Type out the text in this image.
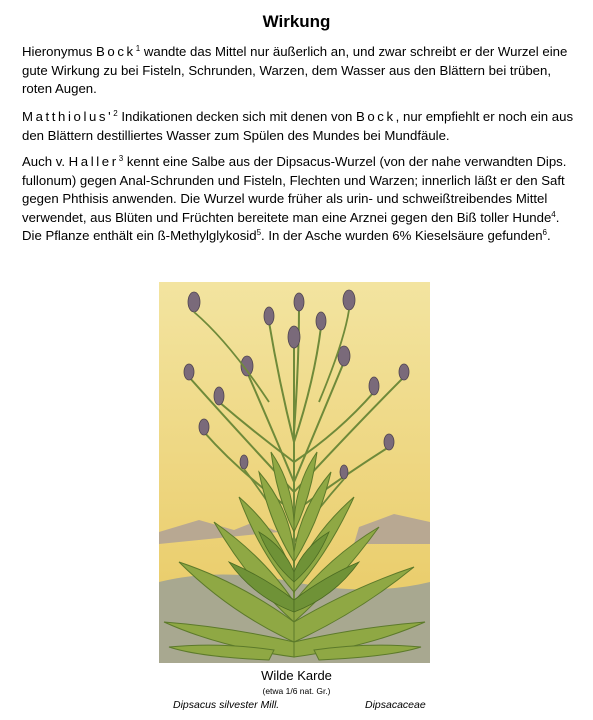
Wirkung

Hieronymus Bock$^1$ wandte das Mittel nur äußerlich an, und zwar schreibt er der Wurzel eine gute Wirkung zu bei Fisteln, Schrunden, Warzen, dem Wasser aus den Blättern bei trüben, roten Augen.

$Matthiolus'^2$ Indikationen decken sich mit denen von Bock, nur empfiehlt er noch ein aus den Blättern destilliertes Wasser zum Spülen des Mundes bei Mundfäule.

Auch v. Haller$^3$ kennt eine Salbe aus der Dipsacus-Wurzel (von der nahe verwandten Dips. fullonum) gegen Anal-Schrunden und Fisteln, Flechten und Warzen; innerlich läßt er den Saft gegen Phthisis anwenden. Die Wurzel wurde früher als urin- und schweißtreibendes Mittel verwendet, aus Blüten und Früchten bereitete man eine Arznei gegen den Biß toller Hunde$^4$. Die Pflanze enthält ein ß-Methylglykosid$^5$. In der Asche wurden 6% Kieselsäure gefunden$^6$.

Wilde Karde

(etwa 1/6 nat. Gr.)

Dipsacus silvester Mill.	Dipsacaceae
